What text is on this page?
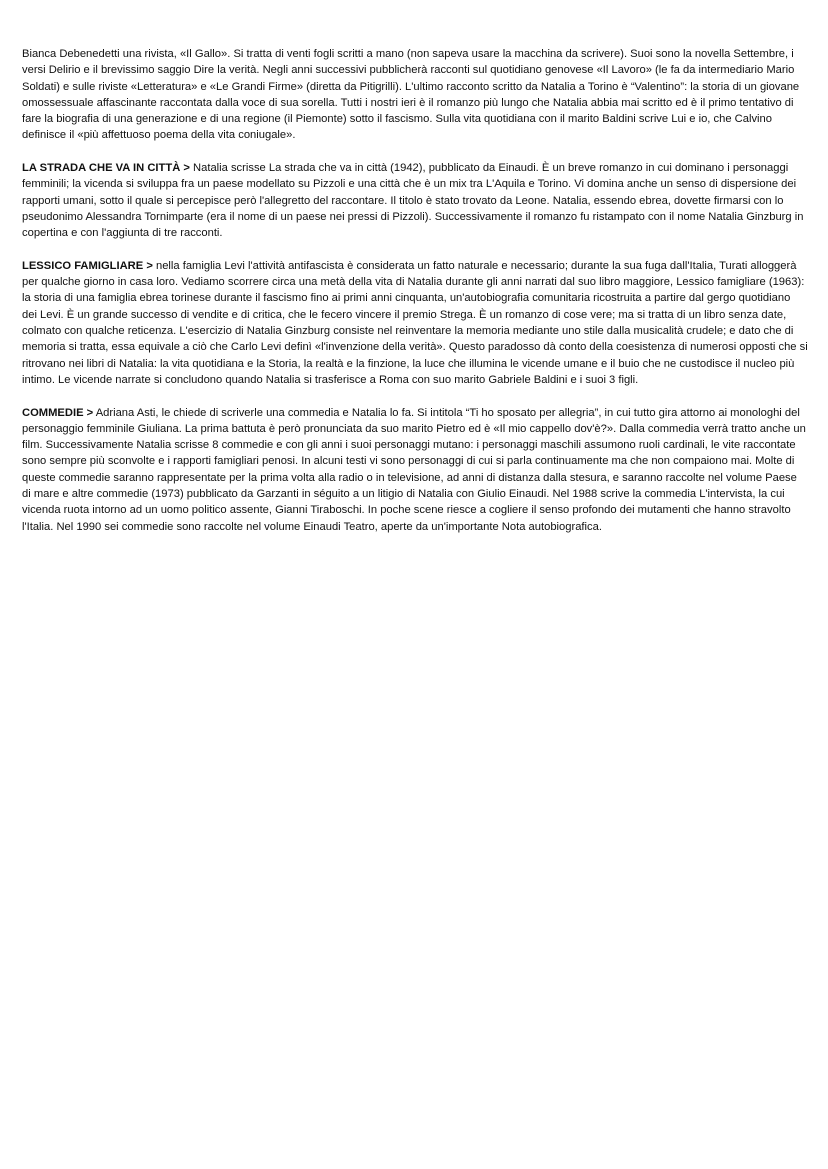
Bianca Debenedetti una rivista, «Il Gallo». Si tratta di venti fogli scritti a mano (non sapeva usare la macchina da scrivere). Suoi sono la novella Settembre, i versi Delirio e il brevissimo saggio Dire la verità. Negli anni successivi pubblicherà racconti sul quotidiano genovese «Il Lavoro» (le fa da intermediario Mario Soldati) e sulle riviste «Letteratura» e «Le Grandi Firme» (diretta da Pitigrilli). L'ultimo racconto scritto da Natalia a Torino è “Valentino”: la storia di un giovane omossessuale affascinante raccontata dalla voce di sua sorella. Tutti i nostri ieri è il romanzo più lungo che Natalia abbia mai scritto ed è il primo tentativo di fare la biografia di una generazione e di una regione (il Piemonte) sotto il fascismo. Sulla vita quotidiana con il marito Baldini scrive Lui e io, che Calvino definisce il «più affettuoso poema della vita coniugale».

LA STRADA CHE VA IN CITTÀ > Natalia scrisse La strada che va in città (1942), pubblicato da Einaudi. È un breve romanzo in cui dominano i personaggi femminili; la vicenda si sviluppa fra un paese modellato su Pizzoli e una città che è un mix tra L'Aquila e Torino. Vi domina anche un senso di dispersione dei rapporti umani, sotto il quale si percepisce però l'allegretto del raccontare. Il titolo è stato trovato da Leone. Natalia, essendo ebrea, dovette firmarsi con lo pseudonimo Alessandra Tornimparte (era il nome di un paese nei pressi di Pizzoli). Successivamente il romanzo fu ristampato con il nome Natalia Ginzburg in copertina e con l'aggiunta di tre racconti.

LESSICO FAMIGLIARE > nella famiglia Levi l'attività antifascista è considerata un fatto naturale e necessario; durante la sua fuga dall'Italia, Turati alloggerà per qualche giorno in casa loro. Vediamo scorrere circa una metà della vita di Natalia durante gli anni narrati dal suo libro maggiore, Lessico famigliare (1963): la storia di una famiglia ebrea torinese durante il fascismo fino ai primi anni cinquanta, un'autobiografia comunitaria ricostruita a partire dal gergo quotidiano dei Levi. È un grande successo di vendite e di critica, che le fecero vincere il premio Strega. È un romanzo di cose vere; ma si tratta di un libro senza date, colmato con qualche reticenza. L'esercizio di Natalia Ginzburg consiste nel reinventare la memoria mediante uno stile dalla musicalità crudele; e dato che di memoria si tratta, essa equivale a ciò che Carlo Levi definì «l'invenzione della verità». Questo paradosso dà conto della coesistenza di numerosi opposti che si ritrovano nei libri di Natalia: la vita quotidiana e la Storia, la realtà e la finzione, la luce che illumina le vicende umane e il buio che ne custodisce il nucleo più intimo. Le vicende narrate si concludono quando Natalia si trasferisce a Roma con suo marito Gabriele Baldini e i suoi 3 figli.

COMMEDIE > Adriana Asti, le chiede di scriverle una commedia e Natalia lo fa. Si intitola “Ti ho sposato per allegria”, in cui tutto gira attorno ai monologhi del personaggio femminile Giuliana. La prima battuta è però pronunciata da suo marito Pietro ed è «Il mio cappello dov'è?». Dalla commedia verrà tratto anche un film. Successivamente Natalia scrisse 8 commedie e con gli anni i suoi personaggi mutano: i personaggi maschili assumono ruoli cardinali, le vite raccontate sono sempre più sconvolte e i rapporti famigliari penosi. In alcuni testi vi sono personaggi di cui si parla continuamente ma che non compaiono mai. Molte di queste commedie saranno rappresentate per la prima volta alla radio o in televisione, ad anni di distanza dalla stesura, e saranno raccolte nel volume Paese di mare e altre commedie (1973) pubblicato da Garzanti in séguito a un litigio di Natalia con Giulio Einaudi. Nel 1988 scrive la commedia L'intervista, la cui vicenda ruota intorno ad un uomo politico assente, Gianni Tiraboschi. In poche scene riesce a cogliere il senso profondo dei mutamenti che hanno stravolto l'Italia. Nel 1990 sei commedie sono raccolte nel volume Einaudi Teatro, aperte da un'importante Nota autobiografica.
